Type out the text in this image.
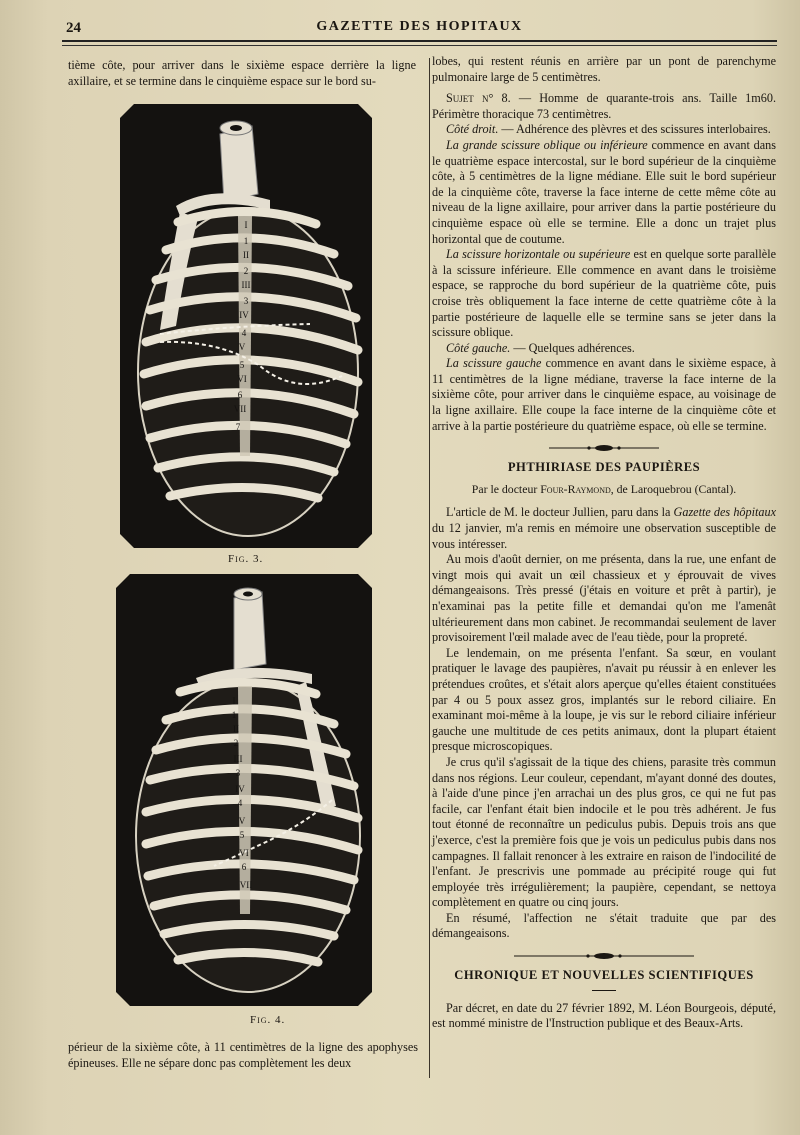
24	GAZETTE DES HOPITAUX

tième côte, pour arriver dans le sixième espace derrière la ligne axillaire, et se termine dans le cinquième espace sur le bord su-

I
1
II
2
III
3
IV
4
V
5
VI
6
VII
7
Fig. 3.
I
1
II
2
III
3
IV
4
V
5
VI
6
VII
Fig. 4.

périeur de la sixième côte, à 11 centimètres de la ligne des apophyses épineuses. Elle ne sépare donc pas complètement les deux

lobes, qui restent réunis en arrière par un pont de parenchyme pulmonaire large de 5 centimètres.

Sujet n° 8. — Homme de quarante-trois ans. Taille 1m60. Périmètre thoracique 73 centimètres.

Côté droit. — Adhérence des plèvres et des scissures interlobaires.

La grande scissure oblique ou inférieure commence en avant dans le quatrième espace intercostal, sur le bord supérieur de la cinquième côte, à 5 centimètres de la ligne médiane. Elle suit le bord supérieur de la cinquième côte, traverse la face interne de cette même côte au niveau de la ligne axillaire, pour arriver dans la partie postérieure du cinquième espace où elle se termine. Elle a donc un trajet plus horizontal que de coutume.

La scissure horizontale ou supérieure est en quelque sorte parallèle à la scissure inférieure. Elle commence en avant dans le troisième espace, se rapproche du bord supérieur de la quatrième côte, puis croise très obliquement la face interne de cette quatrième côte à la partie postérieure de laquelle elle se termine sans se jeter dans la scissure oblique.

Côté gauche. — Quelques adhérences.

La scissure gauche commence en avant dans le sixième espace, à 11 centimètres de la ligne médiane, traverse la face interne de la sixième côte, pour arriver dans le cinquième espace, au voisinage de la ligne axillaire. Elle coupe la face interne de la cinquième côte et arrive à la partie postérieure du quatrième espace, où elle se termine.

PHTHIRIASE DES PAUPIÈRES
Par le docteur Four-Raymond, de Laroquebrou (Cantal).

L'article de M. le docteur Jullien, paru dans la Gazette des hôpitaux du 12 janvier, m'a remis en mémoire une observation susceptible de vous intéresser.

Au mois d'août dernier, on me présenta, dans la rue, une enfant de vingt mois qui avait un œil chassieux et y éprouvait de vives démangeaisons. Très pressé (j'étais en voiture et prêt à partir), je n'examinai pas la petite fille et demandai qu'on me l'amenât ultérieurement dans mon cabinet. Je recommandai seulement de laver provisoirement l'œil malade avec de l'eau tiède, pour la propreté.

Le lendemain, on me présenta l'enfant. Sa sœur, en voulant pratiquer le lavage des paupières, n'avait pu réussir à en enlever les prétendues croûtes, et s'était alors aperçue qu'elles étaient constituées par 4 ou 5 poux assez gros, implantés sur le rebord ciliaire. En examinant moi-même à la loupe, je vis sur le rebord ciliaire inférieur gauche une multitude de ces petits animaux, dont la plupart étaient presque microscopiques.

Je crus qu'il s'agissait de la tique des chiens, parasite très commun dans nos régions. Leur couleur, cependant, m'ayant donné des doutes, à l'aide d'une pince j'en arrachai un des plus gros, ce qui ne fut pas facile, car l'enfant était bien indocile et le pou très adhérent. Je fus tout étonné de reconnaître un pediculus pubis. Depuis trois ans que j'exerce, c'est la première fois que je vois un pediculus pubis dans nos campagnes. Il fallait renoncer à les extraire en raison de l'indocilité de l'enfant. Je prescrivis une pommade au précipité rouge qui fut employée très irrégulièrement; la paupière, cependant, se nettoya complètement en quatre ou cinq jours.

En résumé, l'affection ne s'était traduite que par des démangeaisons.

CHRONIQUE ET NOUVELLES SCIENTIFIQUES

Par décret, en date du 27 février 1892, M. Léon Bourgeois, député, est nommé ministre de l'Instruction publique et des Beaux-Arts.
